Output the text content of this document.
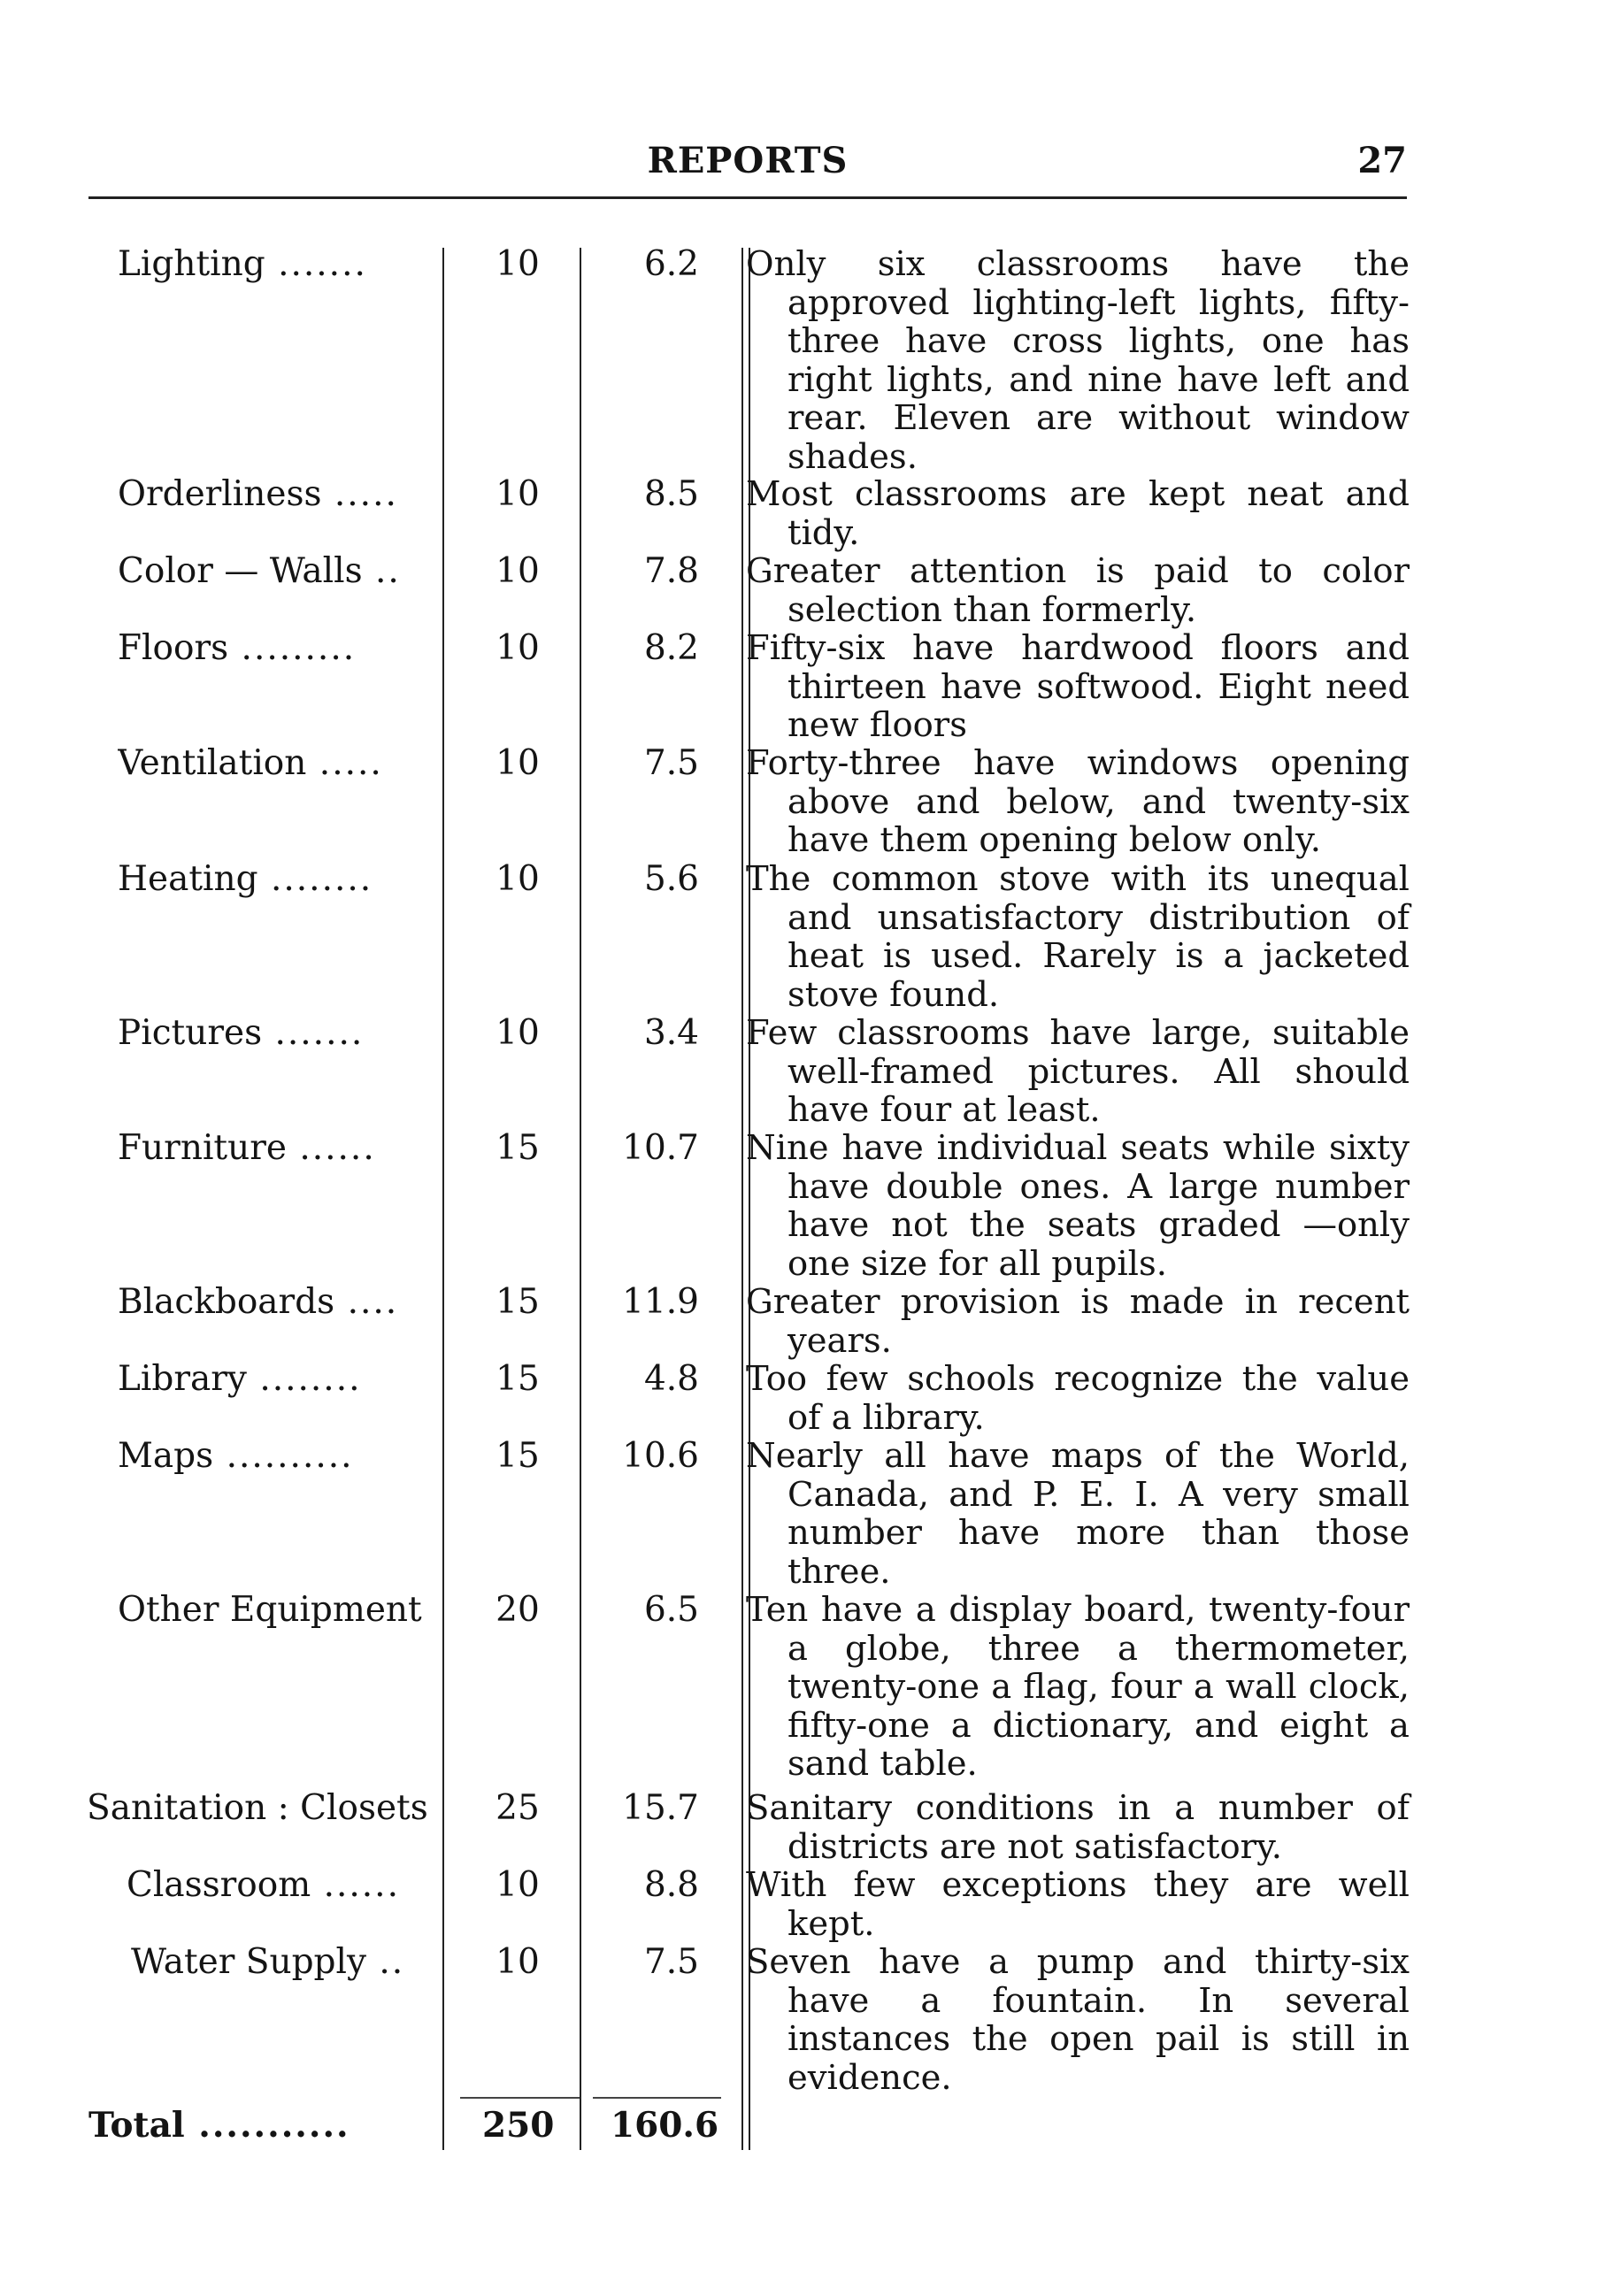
REPORTS	27
Lighting .......	10	6.2 Only six classrooms have the approved lighting-left lights, fifty-three have cross lights, one has right lights, and nine have left and rear. Eleven are without window shades.
Orderliness .....	10	8.5 Most classrooms are kept neat and tidy.
Color — Walls ..	10	7.8 Greater attention is paid to color selection than formerly.
Floors .........	10	8.2 Fifty-six have hardwood floors and thirteen have softwood. Eight need new floors
Ventilation .....	10	7.5 Forty-three have windows opening above and below, and twenty-six have them opening below only.
Heating ........	10	5.6 The common stove with its unequal and unsatisfactory distribution of heat is used. Rarely is a jacketed stove found.
Pictures .......	10	3.4 Few classrooms have large, suitable well-framed pictures. All should have four at least.
Furniture ......	15	10.7 Nine have individual seats while sixty have double ones. A large number have not the seats graded —only one size for all pupils.
Blackboards ....	15	11.9 Greater provision is made in recent years.
Library ........	15	4.8 Too few schools recognize the value of a library.
Maps ..........	15	10.6 Nearly all have maps of the World, Canada, and P. E. I. A very small number have more than those three.
Other Equipment	20	6.5 Ten have a display board, twenty-four a globe, three a thermometer, twenty-one a flag, four a wall clock, fifty-one a dictionary, and eight a sand table.
Sanitation : Closets	25	15.7 Sanitary conditions in a number of districts are not satisfactory.
Classroom ......	10	8.8 With few exceptions they are well kept.
Water Supply ..	10	7.5 Seven have a pump and thirty-six have a fountain. In several instances the open pail is still in evidence.
Total ...........	250 160.6
